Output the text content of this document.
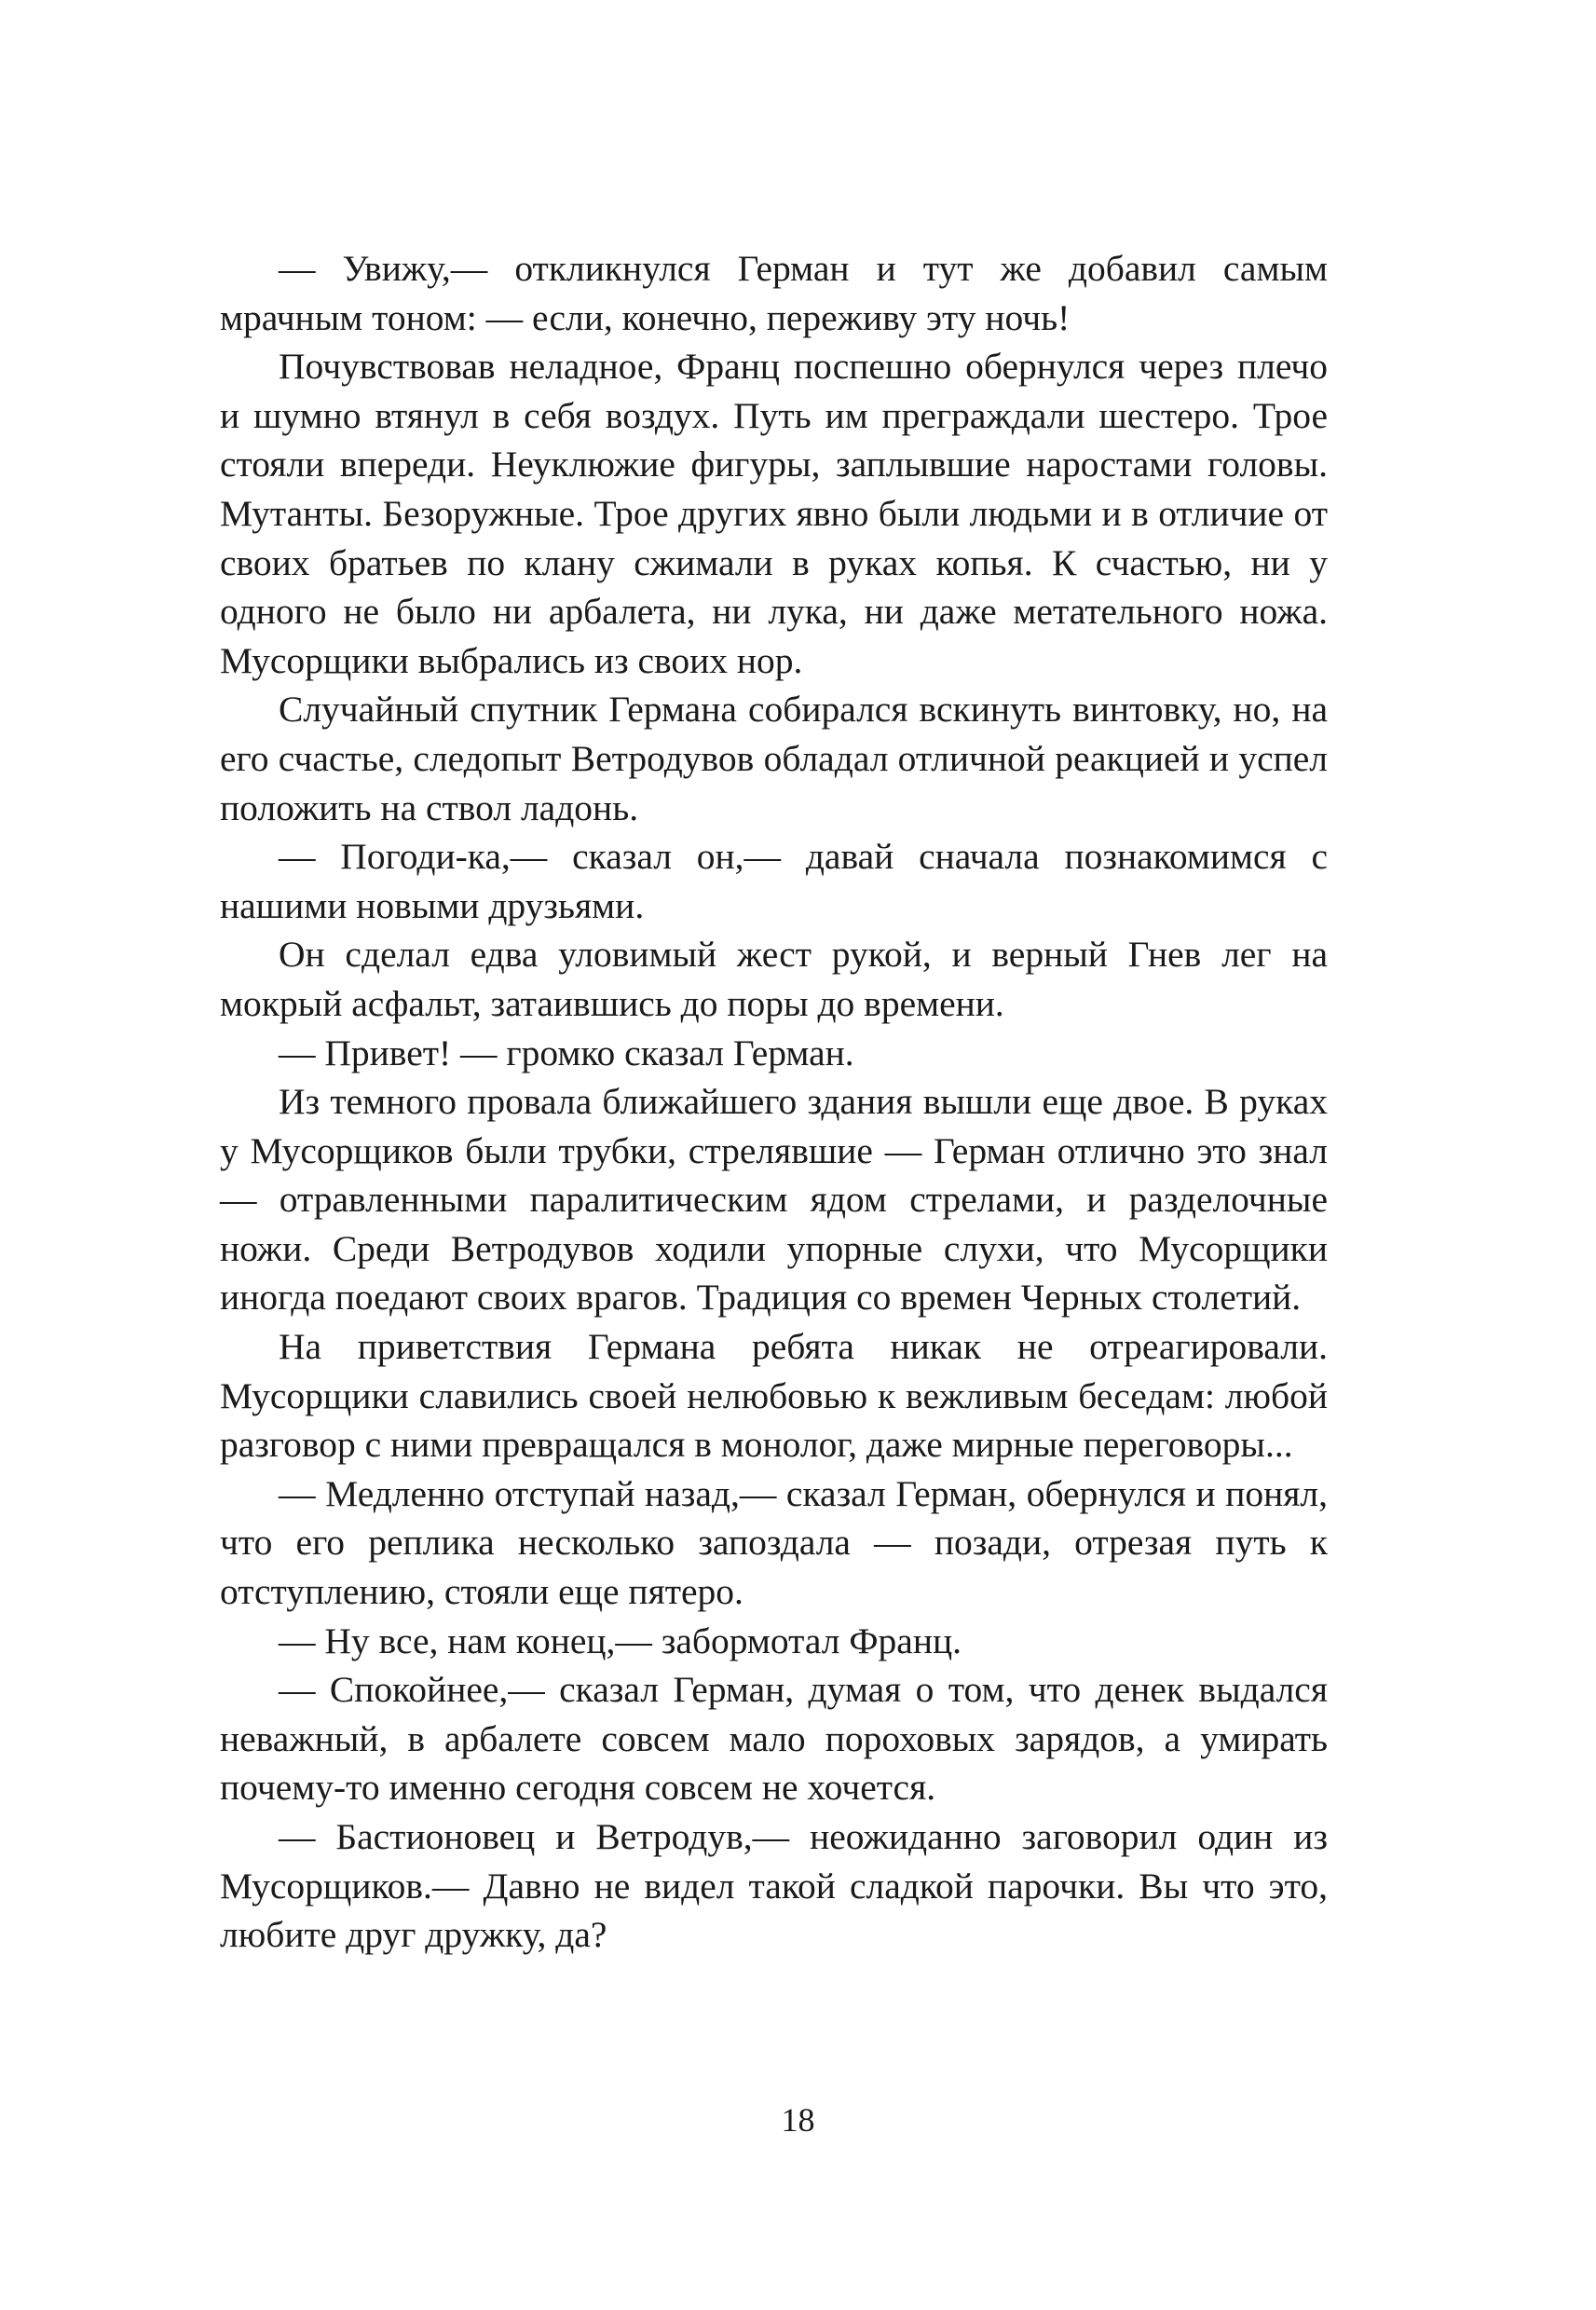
— Увижу,— откликнулся Герман и тут же добавил самым мрачным тоном: — если, конечно, переживу эту ночь!

Почувствовав неладное, Франц поспешно обернулся через плечо и шумно втянул в себя воздух. Путь им преграждали шестеро. Трое стояли впереди. Неуклюжие фигуры, заплывшие наростами головы. Мутанты. Безоружные. Трое других явно были людьми и в отличие от своих братьев по клану сжимали в руках копья. К счастью, ни у одного не было ни арбалета, ни лука, ни даже метательного ножа. Мусорщики выбрались из своих нор.

Случайный спутник Германа собирался вскинуть винтовку, но, на его счастье, следопыт Ветродувов обладал отличной реакцией и успел положить на ствол ладонь.

— Погоди-ка,— сказал он,— давай сначала познакомимся с нашими новыми друзьями.

Он сделал едва уловимый жест рукой, и верный Гнев лег на мокрый асфальт, затаившись до поры до времени.

— Привет! — громко сказал Герман.

Из темного провала ближайшего здания вышли еще двое. В руках у Мусорщиков были трубки, стрелявшие — Герман отлично это знал — отравленными паралитическим ядом стрелами, и разделочные ножи. Среди Ветродувов ходили упорные слухи, что Мусорщики иногда поедают своих врагов. Традиция со времен Черных столетий.

На приветствия Германа ребята никак не отреагировали. Мусорщики славились своей нелюбовью к вежливым беседам: любой разговор с ними превращался в монолог, даже мирные переговоры...

— Медленно отступай назад,— сказал Герман, обернулся и понял, что его реплика несколько запоздала — позади, отрезая путь к отступлению, стояли еще пятеро.

— Ну все, нам конец,— забормотал Франц.

— Спокойнее,— сказал Герман, думая о том, что денек выдался неважный, в арбалете совсем мало пороховых зарядов, а умирать почему-то именно сегодня совсем не хочется.

— Бастионовец и Ветродув,— неожиданно заговорил один из Мусорщиков.— Давно не видел такой сладкой парочки. Вы что это, любите друг дружку, да?

18
